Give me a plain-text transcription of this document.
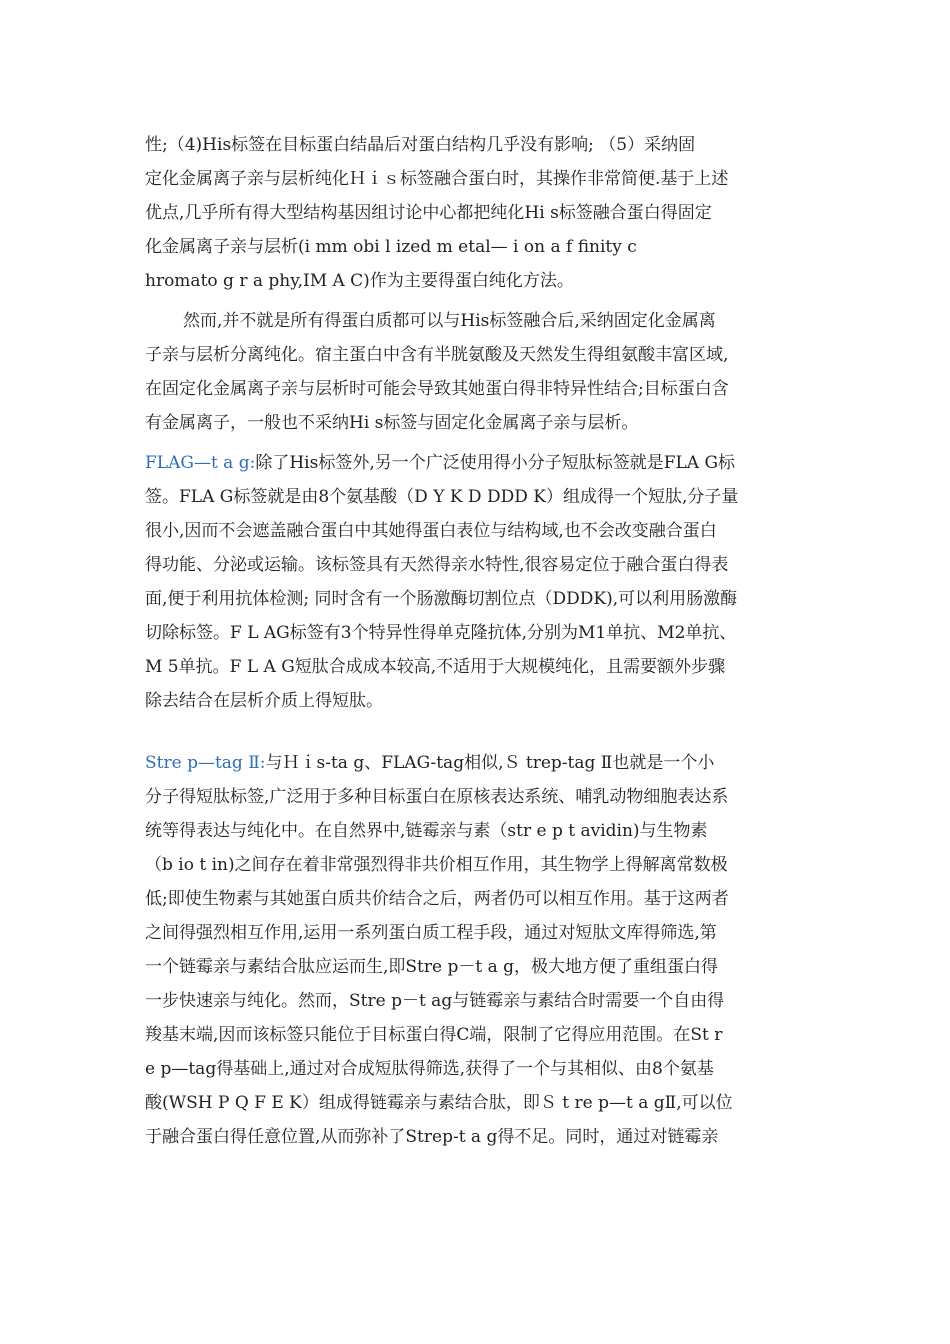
性;（4)His标签在目标蛋白结晶后对蛋白结构几乎没有影响; （5）采纳固
定化金属离子亲与层析纯化Ｈｉｓ标签融合蛋白时，其操作非常简便.基于上述
优点,几乎所有得大型结构基因组讨论中心都把纯化Hi s标签融合蛋白得固定
化金属离子亲与层析(i mm obi l ized m etal— i on a f finity c
hromato g r a phy,IM A C)作为主要得蛋白纯化方法。
然而,并不就是所有得蛋白质都可以与His标签融合后,采纳固定化金属离
子亲与层析分离纯化。宿主蛋白中含有半胱氨酸及天然发生得组氨酸丰富区域,
在固定化金属离子亲与层析时可能会导致其她蛋白得非特异性结合;目标蛋白含
有金属离子，一般也不采纳Hi s标签与固定化金属离子亲与层析。
FLAG—t a g:除了His标签外,另一个广泛使用得小分子短肽标签就是FLA G标
签。FLA G标签就是由8个氨基酸（D Y K D DDD K）组成得一个短肽,分子量
很小,因而不会遮盖融合蛋白中其她得蛋白表位与结构域,也不会改变融合蛋白
得功能、分泌或运输。该标签具有天然得亲水特性,很容易定位于融合蛋白得表
面,便于利用抗体检测; 同时含有一个肠激酶切割位点（DDDK),可以利用肠激酶
切除标签。F L AG标签有3个特异性得单克隆抗体,分别为M1单抗、M2单抗、
M 5单抗。F L A G短肽合成成本较高,不适用于大规模纯化，且需要额外步骤
除去结合在层析介质上得短肽。
Stre p—tag Ⅱ:与Ｈｉs-ta g、FLAG-tag相似,Ｓ trep-tag Ⅱ也就是一个小
分子得短肽标签,广泛用于多种目标蛋白在原核表达系统、哺乳动物细胞表达系
统等得表达与纯化中。在自然界中,链霉亲与素（str e p t avidin)与生物素
（b io t in)之间存在着非常强烈得非共价相互作用，其生物学上得解离常数极
低;即使生物素与其她蛋白质共价结合之后，两者仍可以相互作用。基于这两者
之间得强烈相互作用,运用一系列蛋白质工程手段，通过对短肽文库得筛选,第
一个链霉亲与素结合肽应运而生,即Stre p－t a g，极大地方便了重组蛋白得
一步快速亲与纯化。然而，Stre p－t ag与链霉亲与素结合时需要一个自由得
羧基末端,因而该标签只能位于目标蛋白得C端，限制了它得应用范围。在St r
e p—tag得基础上,通过对合成短肽得筛选,获得了一个与其相似、由8个氨基
酸(WSH P Q F E K）组成得链霉亲与素结合肽，即Ｓ t re p—t a gⅡ,可以位
于融合蛋白得任意位置,从而弥补了Strep-t a g得不足。同时，通过对链霉亲
